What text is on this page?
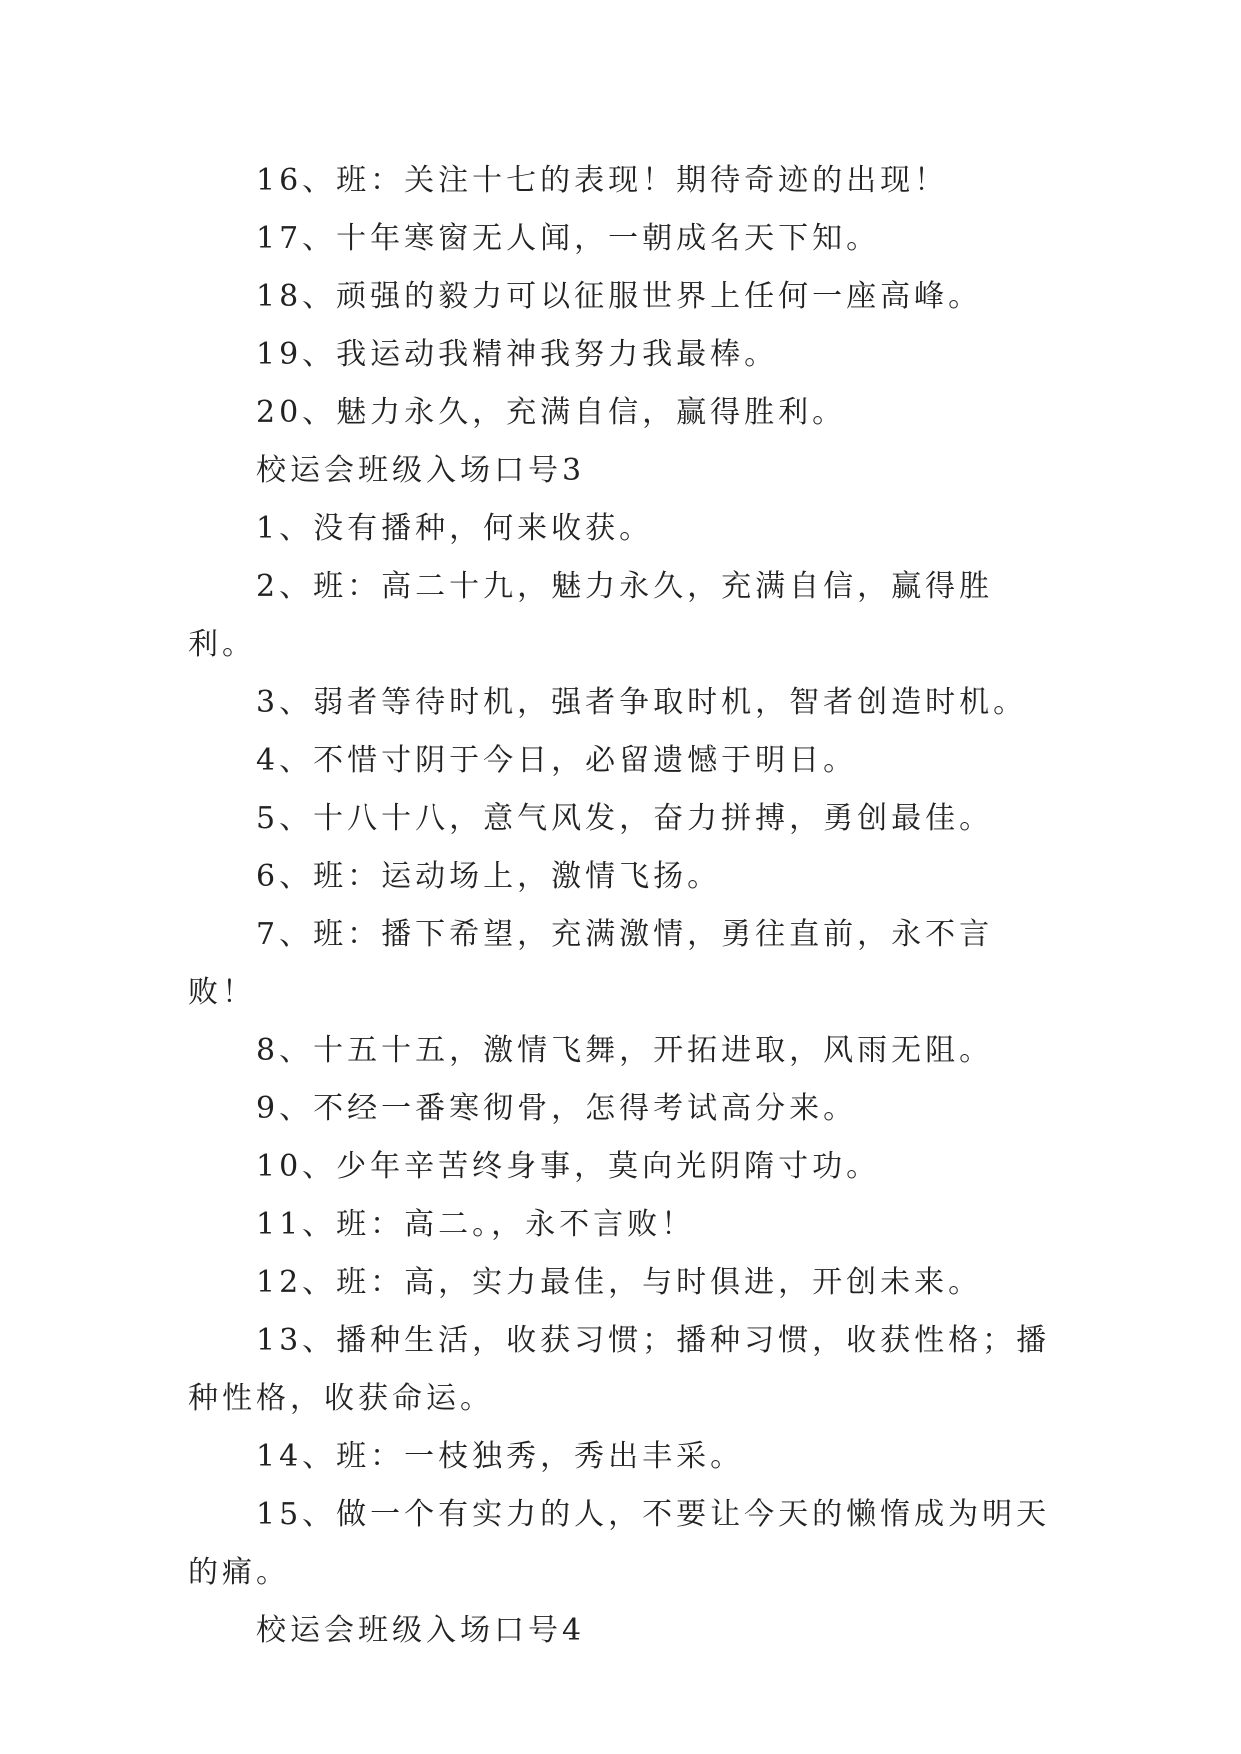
16、班：关注十七的表现！期待奇迹的出现！

17、十年寒窗无人闻，一朝成名天下知。

18、顽强的毅力可以征服世界上任何一座高峰。

19、我运动我精神我努力我最棒。

20、魅力永久，充满自信，赢得胜利。

校运会班级入场口号3

1、没有播种，何来收获。

2、班：高二十九，魅力永久，充满自信，赢得胜利。

3、弱者等待时机，强者争取时机，智者创造时机。

4、不惜寸阴于今日，必留遗憾于明日。

5、十八十八，意气风发，奋力拼搏，勇创最佳。

6、班：运动场上，激情飞扬。

7、班：播下希望，充满激情，勇往直前，永不言败！

8、十五十五，激情飞舞，开拓进取，风雨无阻。

9、不经一番寒彻骨，怎得考试高分来。

10、少年辛苦终身事，莫向光阴隋寸功。

11、班：高二。，永不言败！

12、班：高，实力最佳，与时俱进，开创未来。

13、播种生活，收获习惯；播种习惯，收获性格；播种性格，收获命运。

14、班：一枝独秀，秀出丰采。

15、做一个有实力的人，不要让今天的懒惰成为明天的痛。

校运会班级入场口号4
